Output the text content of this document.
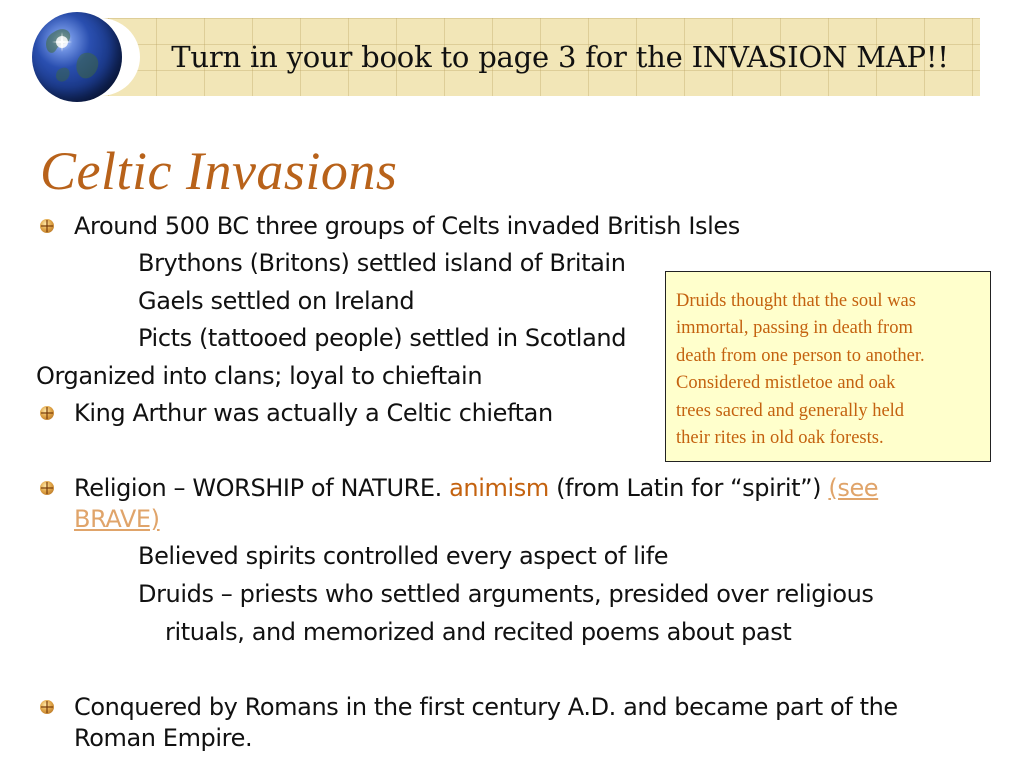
Turn in your book to page 3 for the INVASION MAP!!
Celtic Invasions
Around 500 BC three groups of Celts invaded British Isles
Brythons (Britons) settled island of Britain
Gaels settled on Ireland
Picts (tattooed people) settled in Scotland
Organized into clans; loyal to chieftain
King Arthur was actually a Celtic chieftan
Religion – WORSHIP of NATURE. animism (from Latin for “spirit”) (see
BRAVE)
Believed spirits controlled every aspect of life
Druids – priests who settled arguments, presided over religious
rituals, and memorized and recited poems about past
Conquered by Romans in the first century A.D. and became part of the
Roman Empire.
Druids thought that the soul was
immortal, passing in death from
death from one person to another.
Considered mistletoe and oak
trees sacred and generally held
their rites in old oak forests.
